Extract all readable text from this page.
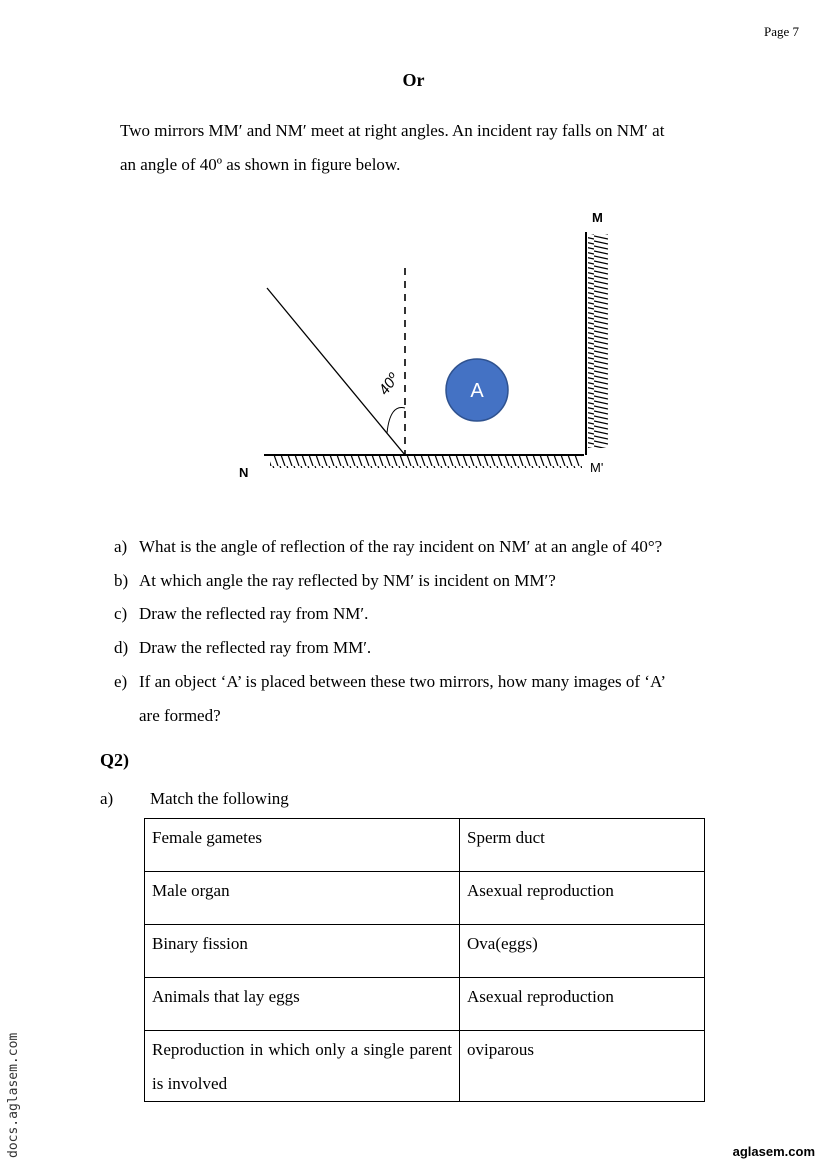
Page 7
Or
Two mirrors MM′ and NM′ meet at right angles. An incident ray falls on NM′ at
an angle of 40º as shown in figure below.
40º	A
M
N	M'
a) What is the angle of reflection of the ray incident on NM′ at an angle of 40°?
b) At which angle the ray reflected by NM′ is incident on MM′?
c) Draw the reflected ray from NM′.
d) Draw the reflected ray from MM′.
e) If an object ‘A’ is placed between these two mirrors, how many images of ‘A’
are formed?
Q2)
a) Match the following
Female gametes	Sperm duct
Male organ	Asexual reproduction
Binary fission	Ova(eggs)
Animals that lay eggs	Asexual reproduction
Reproduction in which only a single parent is involved	oviparous
docs.aglasem.com	aglasem.com
